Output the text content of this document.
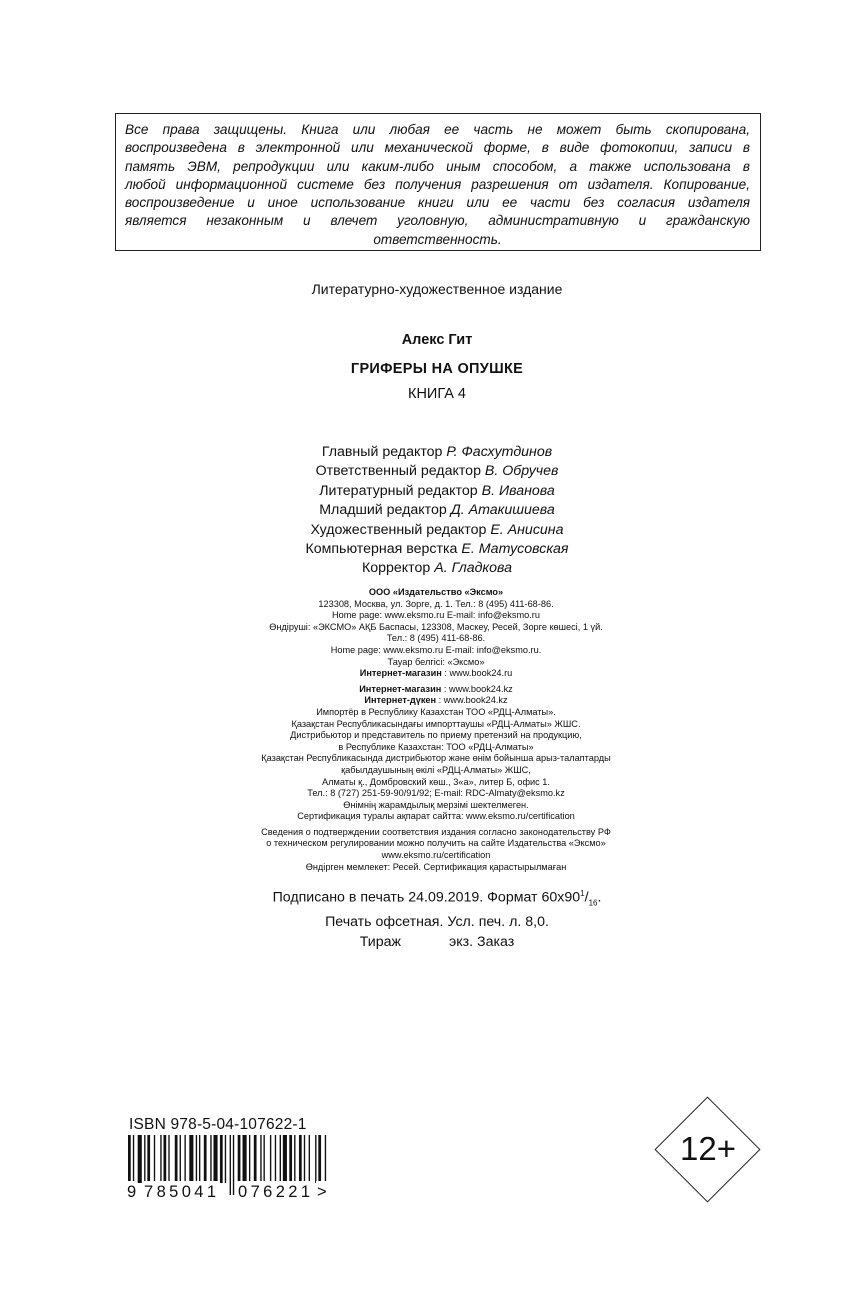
Все права защищены. Книга или любая ее часть не может быть скопирована,
воспроизведена в электронной или механической форме, в виде фотокопии, записи в
память ЭВМ, репродукции или каким-либо иным способом, а также использована в
любой информационной системе без получения разрешения от издателя. Копирование,
воспроизведение и иное использование книги или ее части без согласия издателя
является незаконным и влечет уголовную, административную и гражданскую
ответственность.
Литературно-художественное издание
Алекс Гит
ГРИФЕРЫ НА ОПУШКЕ
КНИГА 4
Главный редактор Р. Фасхутдинов
Ответственный редактор В. Обручев
Литературный редактор В. Иванова
Младший редактор Д. Атакишиева
Художественный редактор Е. Анисина
Компьютерная верстка Е. Матусовская
Корректор А. Гладкова
ООО «Издательство «Эксмо»
123308, Москва, ул. Зорге, д. 1. Тел.: 8 (495) 411-68-86.
Home page: www.eksmo.ru E-mail: info@eksmo.ru
Өндіруші: «ЭКСМО» АҚБ Баспасы, 123308, Мәскеу, Ресей, Зорге көшесі, 1 үй.
Тел.: 8 (495) 411-68-86.
Home page: www.eksmo.ru E-mail: info@eksmo.ru.
Тауар белгісі: «Эксмо»
Интернет-магазин : www.book24.ru
Интернет-магазин : www.book24.kz
Интернет-дүкен : www.book24.kz
Импортёр в Республику Казахстан ТОО «РДЦ-Алматы».
Қазақстан Республикасындағы импорттаушы «РДЦ-Алматы» ЖШС.
Дистрибьютор и представитель по приему претензий на продукцию,
в Республике Казахстан: ТОО «РДЦ-Алматы»
Қазақстан Республикасында дистрибьютор және өнім бойынша арыз-талаптарды
қабылдаушының өкілі «РДЦ-Алматы» ЖШС,
Алматы қ., Домбровский көш., 3«а», литер Б, офис 1.
Тел.: 8 (727) 251-59-90/91/92; E-mail: RDC-Almaty@eksmo.kz
Өнімнің жарамдылық мерзімі шектелмеген.
Сертификация туралы ақпарат сайтта: www.eksmo.ru/certification
Сведения о подтверждении соответствия издания согласно законодательству РФ
о техническом регулировании можно получить на сайте Издательства «Эксмо»
www.eksmo.ru/certification
Өндірген мемлекет: Ресей. Сертификация қарастырылмаған
Подписано в печать 24.09.2019. Формат $60х90^1/_{16}$.
Печать офсетная. Усл. печ. л. 8,0.
Тираж	экз. Заказ
ISBN 978-5-04-107622-1
9 785041 076221 >
12+
